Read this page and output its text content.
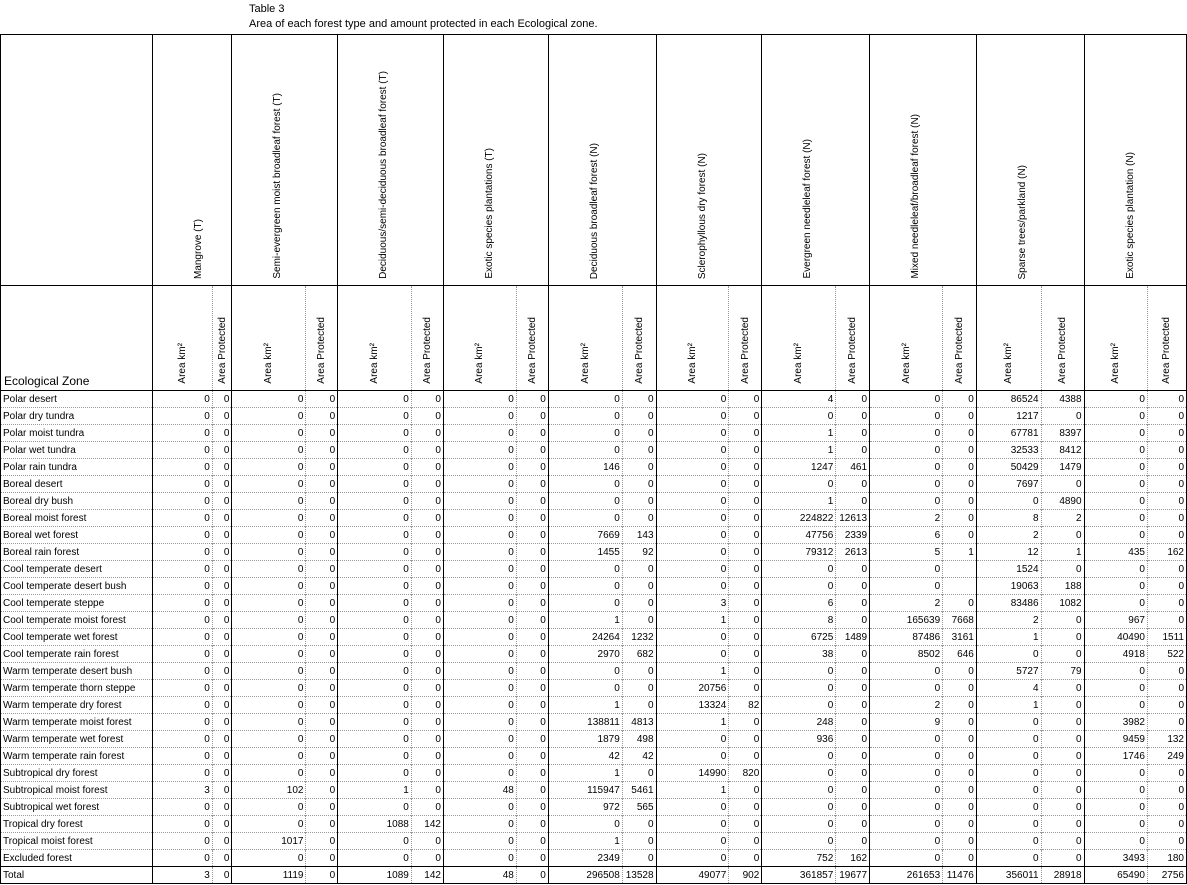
Table 3
Area of each forest type and amount protected in each Ecological zone.
	Mangrove (T)		Semi-evergreen moist broadleaf forest (T)		Deciduous/semi-deciduous broadleaf forest (T)		Exotic species plantations (T)		Deciduous broadleaf forest (N)		Sclerophyllous dry forest (N)		Evergreen needleleaf forest (N)		Mixed needleleaf/broadleaf forest (N)		Sparse trees/parkland (N)		Exotic species plantation (N)	
Ecological Zone	Area km²	Area Protected	Area km²	Area Protected	Area km²	Area Protected	Area km²	Area Protected	Area km²	Area Protected	Area km²	Area Protected	Area km²	Area Protected	Area km²	Area Protected	Area km²	Area Protected	Area km²	Area Protected
Polar desert	0	0	0	0	0	0	0	0	0	0	0	0	4	0	0	0	86524	4388	0	0
Polar dry tundra	0	0	0	0	0	0	0	0	0	0	0	0	0	0	0	0	1217	0	0	0
Polar moist tundra	0	0	0	0	0	0	0	0	0	0	0	0	1	0	0	0	67781	8397	0	0
Polar wet tundra	0	0	0	0	0	0	0	0	0	0	0	0	1	0	0	0	32533	8412	0	0
Polar rain tundra	0	0	0	0	0	0	0	0	146	0	0	0	1247	461	0	0	50429	1479	0	0
Boreal desert	0	0	0	0	0	0	0	0	0	0	0	0	0	0	0	0	7697	0	0	0
Boreal dry bush	0	0	0	0	0	0	0	0	0	0	0	0	1	0	0	0	0	4890	0	0
Boreal moist forest	0	0	0	0	0	0	0	0	0	0	0	0	224822	12613	2	0	8	2	0	0
Boreal wet forest	0	0	0	0	0	0	0	0	7669	143	0	0	47756	2339	6	0	2	0	0	0
Boreal rain forest	0	0	0	0	0	0	0	0	1455	92	0	0	79312	2613	5	1	12	1	435	162
Cool temperate desert	0	0	0	0	0	0	0	0	0	0	0	0	0	0	0		1524	0	0	0
Cool temperate desert bush	0	0	0	0	0	0	0	0	0	0	0	0	0	0	0		19063	188	0	0
Cool temperate steppe	0	0	0	0	0	0	0	0	0	0	3	0	6	0	2	0	83486	1082	0	0
Cool temperate moist forest	0	0	0	0	0	0	0	0	1	0	1	0	8	0	165639	7668	2	0	967	0
Cool temperate wet forest	0	0	0	0	0	0	0	0	24264	1232	0	0	6725	1489	87486	3161	1	0	40490	1511
Cool temperate rain forest	0	0	0	0	0	0	0	0	2970	682	0	0	38	0	8502	646	0	0	4918	522
Warm temperate desert bush	0	0	0	0	0	0	0	0	0	0	1	0	0	0	0	0	5727	79	0	0
Warm temperate thorn steppe	0	0	0	0	0	0	0	0	0	0	20756	0	0	0	0	0	4	0	0	0
Warm temperate dry forest	0	0	0	0	0	0	0	0	1	0	13324	82	0	0	2	0	1	0	0	0
Warm temperate moist forest	0	0	0	0	0	0	0	0	138811	4813	1	0	248	0	9	0	0	0	3982	0
Warm temperate wet forest	0	0	0	0	0	0	0	0	1879	498	0	0	936	0	0	0	0	0	9459	132
Warm temperate rain forest	0	0	0	0	0	0	0	0	42	42	0	0	0	0	0	0	0	0	1746	249
Subtropical dry forest	0	0	0	0	0	0	0	0	1	0	14990	820	0	0	0	0	0	0	0	0
Subtropical moist forest	3	0	102	0	1	0	48	0	115947	5461	1	0	0	0	0	0	0	0	0	0
Subtropical wet forest	0	0	0	0	0	0	0	0	972	565	0	0	0	0	0	0	0	0	0	0
Tropical dry forest	0	0	0	0	1088	142	0	0	0	0	0	0	0	0	0	0	0	0	0	0
Tropical moist forest	0	0	1017	0	0	0	0	0	1	0	0	0	0	0	0	0	0	0	0	0
Excluded forest	0	0	0	0	0	0	0	0	2349	0	0	0	752	162	0	0	0	0	3493	180
Total	3	0	1119	0	1089	142	48	0	296508	13528	49077	902	361857	19677	261653	11476	356011	28918	65490	2756
